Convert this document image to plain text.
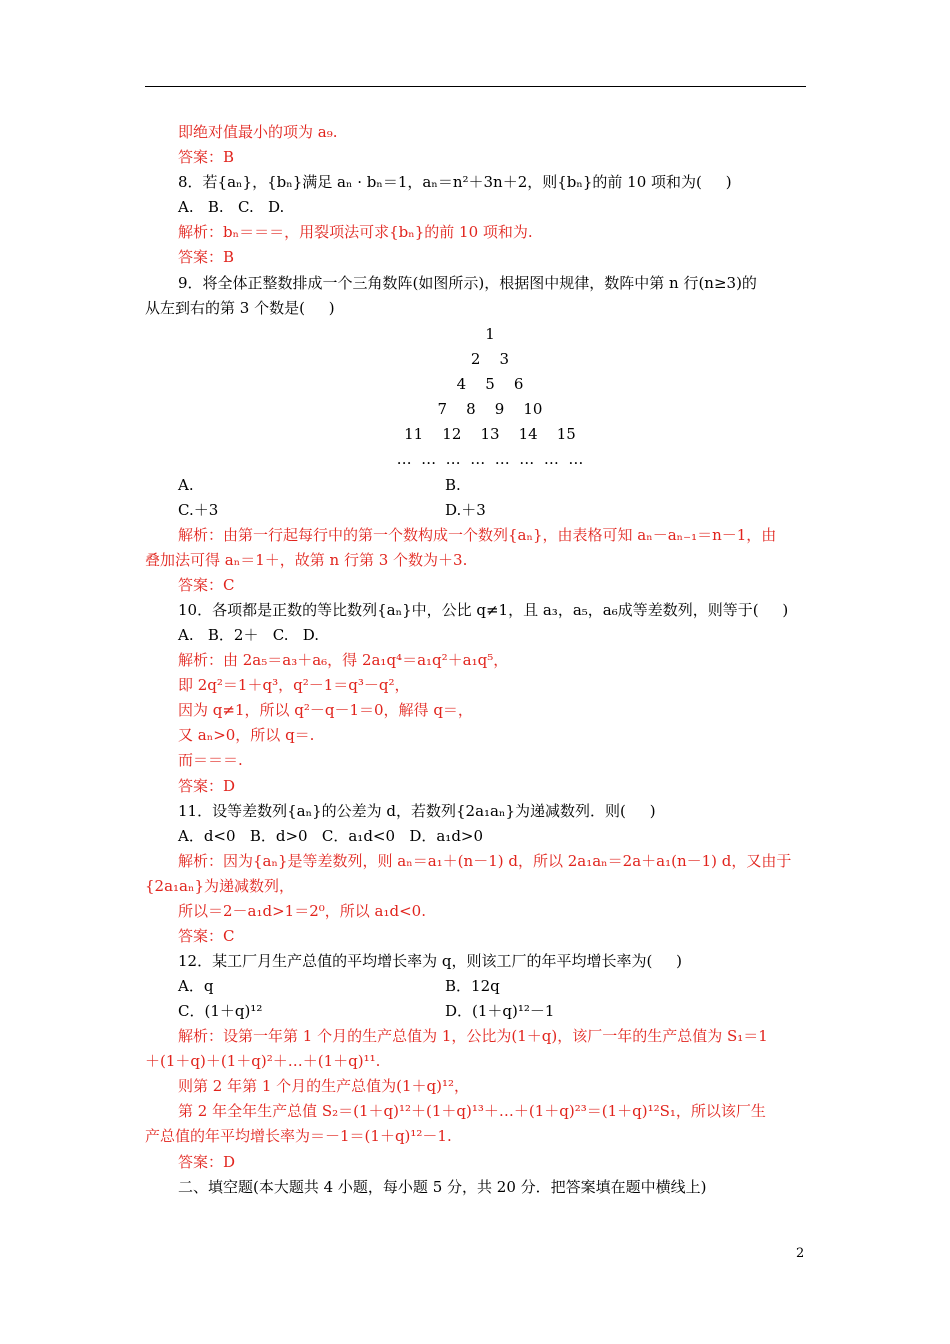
即绝对值最小的项为 a₉.
答案：B
8．若{aₙ}，{bₙ}满足 aₙ · bₙ＝1，aₙ＝n²＋3n＋2，则{bₙ}的前 10 项和为(     )
A.   B.   C.   D.
解析：bₙ＝＝＝，用裂项法可求{bₙ}的前 10 项和为.
答案：B
9．将全体正整数排成一个三角数阵(如图所示)，根据图中规律，数阵中第 n 行(n≥3)的
从左到右的第 3 个数是(     )
A.	B.
C.＋3	D.＋3
解析：由第一行起每行中的第一个数构成一个数列{aₙ}，由表格可知 aₙ－aₙ₋₁＝n－1，由
叠加法可得 aₙ＝1＋，故第 n 行第 3 个数为＋3.
答案：C
10．各项都是正数的等比数列{aₙ}中，公比 q≠1，且 a₃，a₅，a₆成等差数列，则等于(     )
A.   B．2＋   C.   D.
解析：由 2a₅＝a₃＋a₆，得 2a₁q⁴＝a₁q²＋a₁q⁵，
即 2q²＝1＋q³，q²－1＝q³－q²，
因为 q≠1，所以 q²－q－1＝0，解得 q＝，
又 aₙ>0，所以 q＝.
而＝＝＝.
答案：D
11．设等差数列{aₙ}的公差为 d，若数列{2a₁aₙ}为递减数列．则(     )
A．d<0   B．d>0   C．a₁d<0   D．a₁d>0
解析：因为{aₙ}是等差数列，则 aₙ＝a₁＋(n－1) d，所以 2a₁aₙ＝2a＋a₁(n－1) d，又由于
{2a₁aₙ}为递减数列，
所以＝2－a₁d>1＝2⁰，所以 a₁d<0.
答案：C
12．某工厂月生产总值的平均增长率为 q，则该工厂的年平均增长率为(     )
A．q	B．12q
C．(1＋q)¹²	D．(1＋q)¹²－1
解析：设第一年第 1 个月的生产总值为 1，公比为(1＋q)，该厂一年的生产总值为 S₁＝1
＋(1＋q)＋(1＋q)²＋…＋(1＋q)¹¹.
则第 2 年第 1 个月的生产总值为(1＋q)¹²，
第 2 年全年生产总值 S₂＝(1＋q)¹²＋(1＋q)¹³＋…＋(1＋q)²³＝(1＋q)¹²S₁，所以该厂生
产总值的年平均增长率为＝－1＝(1＋q)¹²－1.
答案：D
二、填空题(本大题共 4 小题，每小题 5 分，共 20 分．把答案填在题中横线上)
1
2    3
4    5    6
7    8    9    10
11    12    13    14    15
…  …  …  …  …  …  …  …
2
